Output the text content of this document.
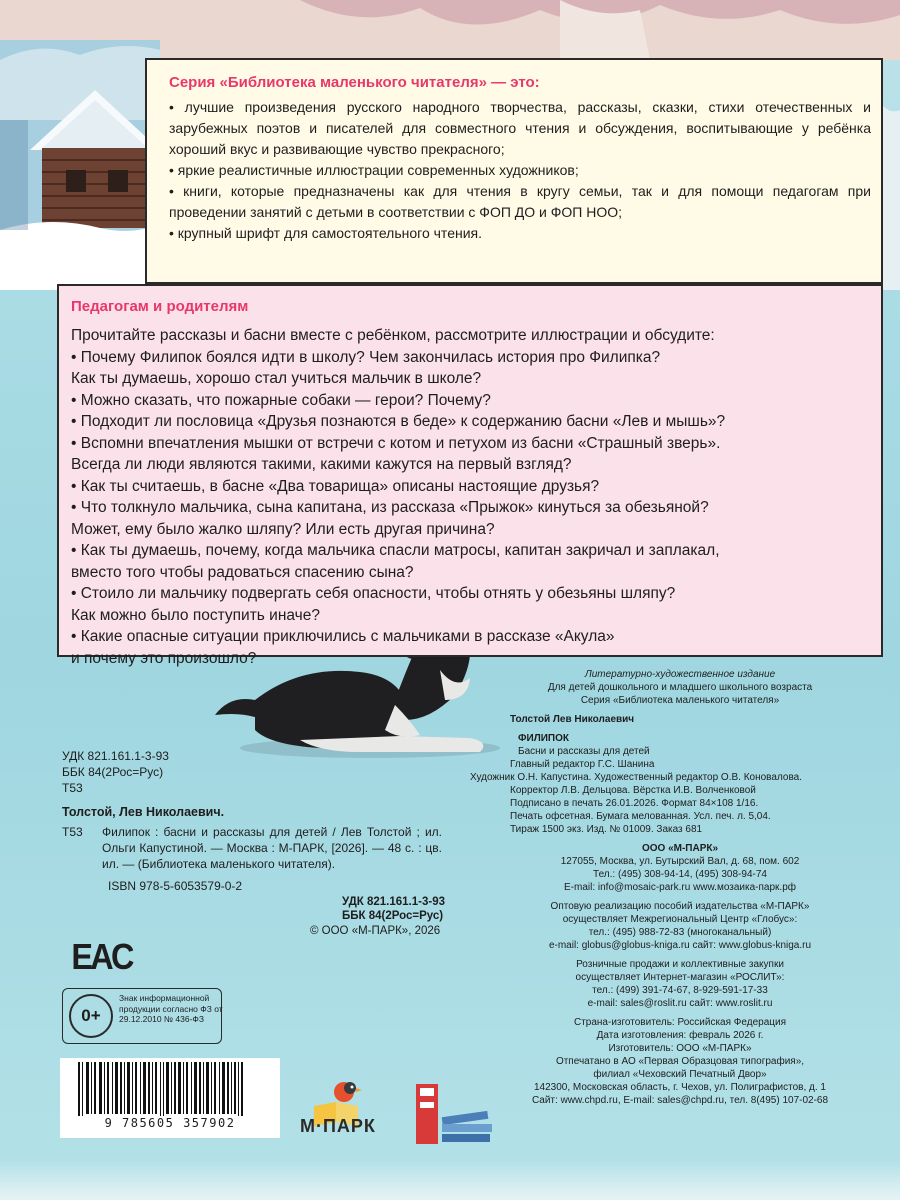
Серия «Библиотека маленького читателя» — это:
• лучшие произведения русского народного творчества, рассказы, сказки, стихи отечественных и зарубежных поэтов и писателей для совместного чтения и обсуждения, воспитывающие у ребёнка хороший вкус и развивающие чувство прекрасного;
• яркие реалистичные иллюстрации современных художников;
• книги, которые предназначены как для чтения в кругу семьи, так и для помощи педагогам при проведении занятий с детьми в соответствии с ФОП ДО и ФОП НОО;
• крупный шрифт для самостоятельного чтения.
Педагогам и родителям
Прочитайте рассказы и басни вместе с ребёнком, рассмотрите иллюстрации и обсудите:
• Почему Филипок боялся идти в школу? Чем закончилась история про Филипка?
Как ты думаешь, хорошо стал учиться мальчик в школе?
• Можно сказать, что пожарные собаки — герои? Почему?
• Подходит ли пословица «Друзья познаются в беде» к содержанию басни «Лев и мышь»?
• Вспомни впечатления мышки от встречи с котом и петухом из басни «Страшный зверь».
Всегда ли люди являются такими, какими кажутся на первый взгляд?
• Как ты считаешь, в басне «Два товарища» описаны настоящие друзья?
• Что толкнуло мальчика, сына капитана, из рассказа «Прыжок» кинуться за обезьяной?
Может, ему было жалко шляпу? Или есть другая причина?
• Как ты думаешь, почему, когда мальчика спасли матросы, капитан закричал и заплакал,
вместо того чтобы радоваться спасению сына?
• Стоило ли мальчику подвергать себя опасности, чтобы отнять у обезьяны шляпу?
Как можно было поступить иначе?
• Какие опасные ситуации приключились с мальчиками в рассказе «Акула»
и почему это произошло?
УДК 821.161.1-3-93
ББК 84(2Рос=Рус)
Т53
Толстой, Лев Николаевич.
Т53 Филипок : басни и рассказы для детей / Лев Толстой ; ил. Ольги Капустиной. — Москва : М-ПАРК, [2026]. — 48 с. : цв. ил. — (Библиотека маленького читателя).
ISBN 978-5-6053579-0-2
УДК 821.161.1-3-93
ББК 84(2Рос=Рус)
© ООО «М-ПАРК», 2026
EAC
0+
Знак информационной продукции согласно ФЗ от 29.12.2010 № 436-ФЗ
9 785605 357902	М·ПАРК
Литературно-художественное издание
Для детей дошкольного и младшего школьного возраста
Серия «Библиотека маленького читателя»
Толстой Лев Николаевич
ФИЛИПОК
Басни и рассказы для детей
Главный редактор Г.С. Шанина
Художник О.Н. Капустина. Художественный редактор О.В. Коновалова.
Корректор Л.В. Дельцова. Вёрстка И.В. Волченковой
Подписано в печать 26.01.2026. Формат 84×108 1/16.
Печать офсетная. Бумага мелованная. Усл. печ. л. 5,04.
Тираж 1500 экз. Изд. № 01009. Заказ 681
ООО «М-ПАРК»
127055, Москва, ул. Бутырский Вал, д. 68, пом. 602
Тел.: (495) 308-94-14, (495) 308-94-74
E-mail: info@mosaic-park.ru www.мозаика-парк.рф
Оптовую реализацию пособий издательства «М-ПАРК»
осуществляет Межрегиональный Центр «Глобус»:
тел.: (495) 988-72-83 (многоканальный)
e-mail: globus@globus-kniga.ru сайт: www.globus-kniga.ru
Розничные продажи и коллективные закупки
осуществляет Интернет-магазин «РОСЛИТ»:
тел.: (499) 391-74-67, 8-929-591-17-33
e-mail: sales@roslit.ru сайт: www.roslit.ru
Страна-изготовитель: Российская Федерация
Дата изготовления: февраль 2026 г.
Изготовитель: ООО «М-ПАРК»
Отпечатано в АО «Первая Образцовая типография»,
филиал «Чеховский Печатный Двор»
142300, Московская область, г. Чехов, ул. Полиграфистов, д. 1
Сайт: www.chpd.ru, E-mail: sales@chpd.ru, тел. 8(495) 107-02-68
